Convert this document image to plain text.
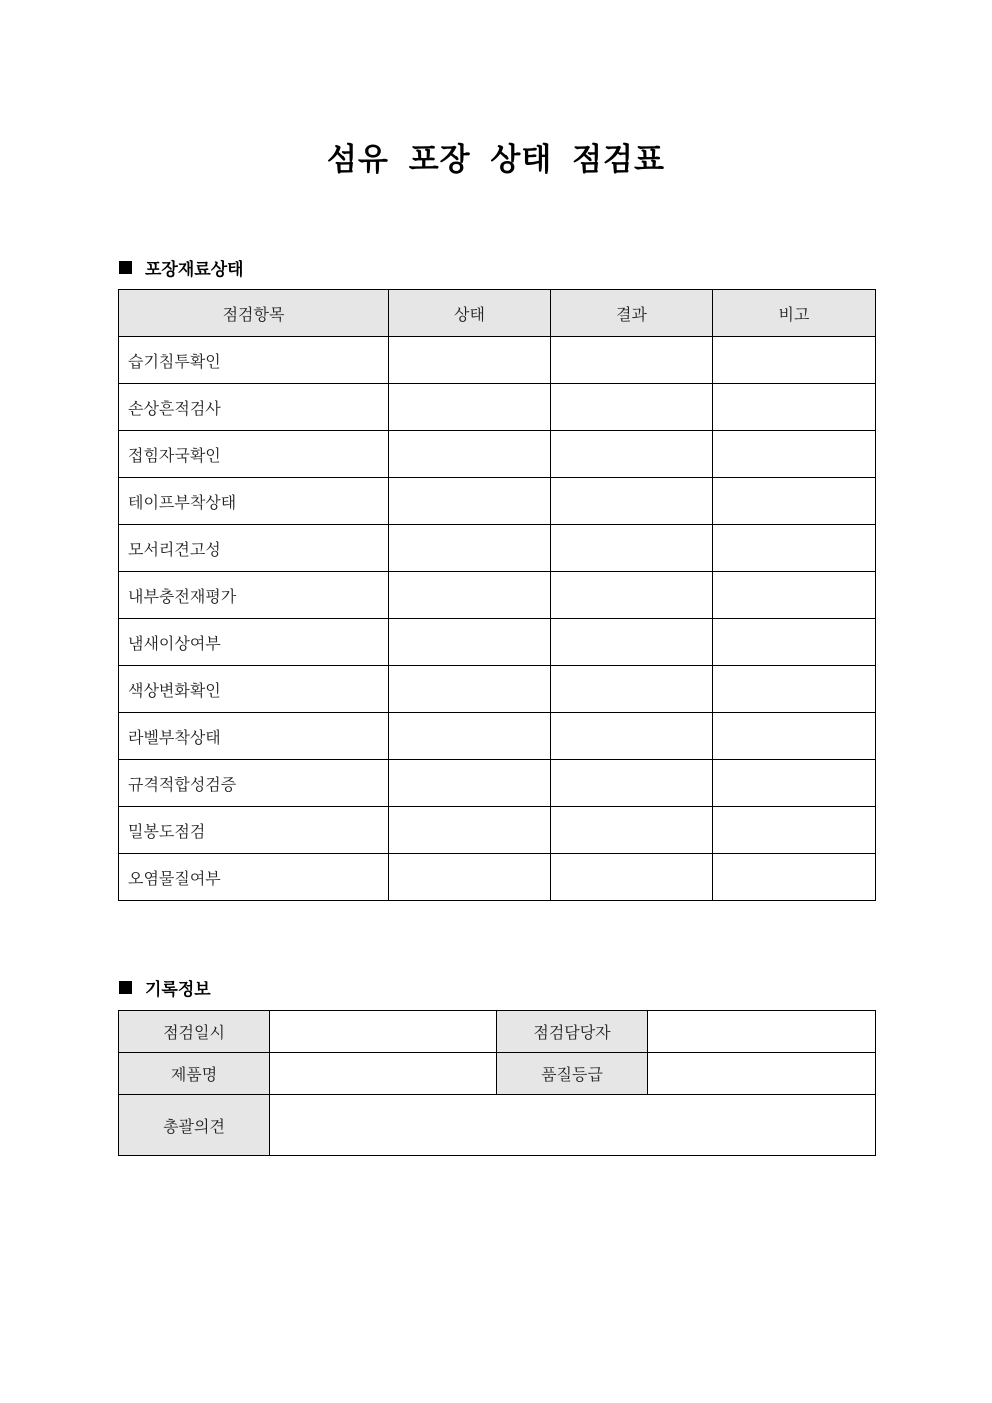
섬유 포장 상태 점검표
포장재료상태
점검항목	상태	결과	비고
습기침투확인			
손상흔적검사			
접힘자국확인			
테이프부착상태			
모서리견고성			
내부충전재평가			
냄새이상여부			
색상변화확인			
라벨부착상태			
규격적합성검증			
밀봉도점검			
오염물질여부			
기록정보
점검일시		점검담당자	
제품명		품질등급	
총괄의견			
